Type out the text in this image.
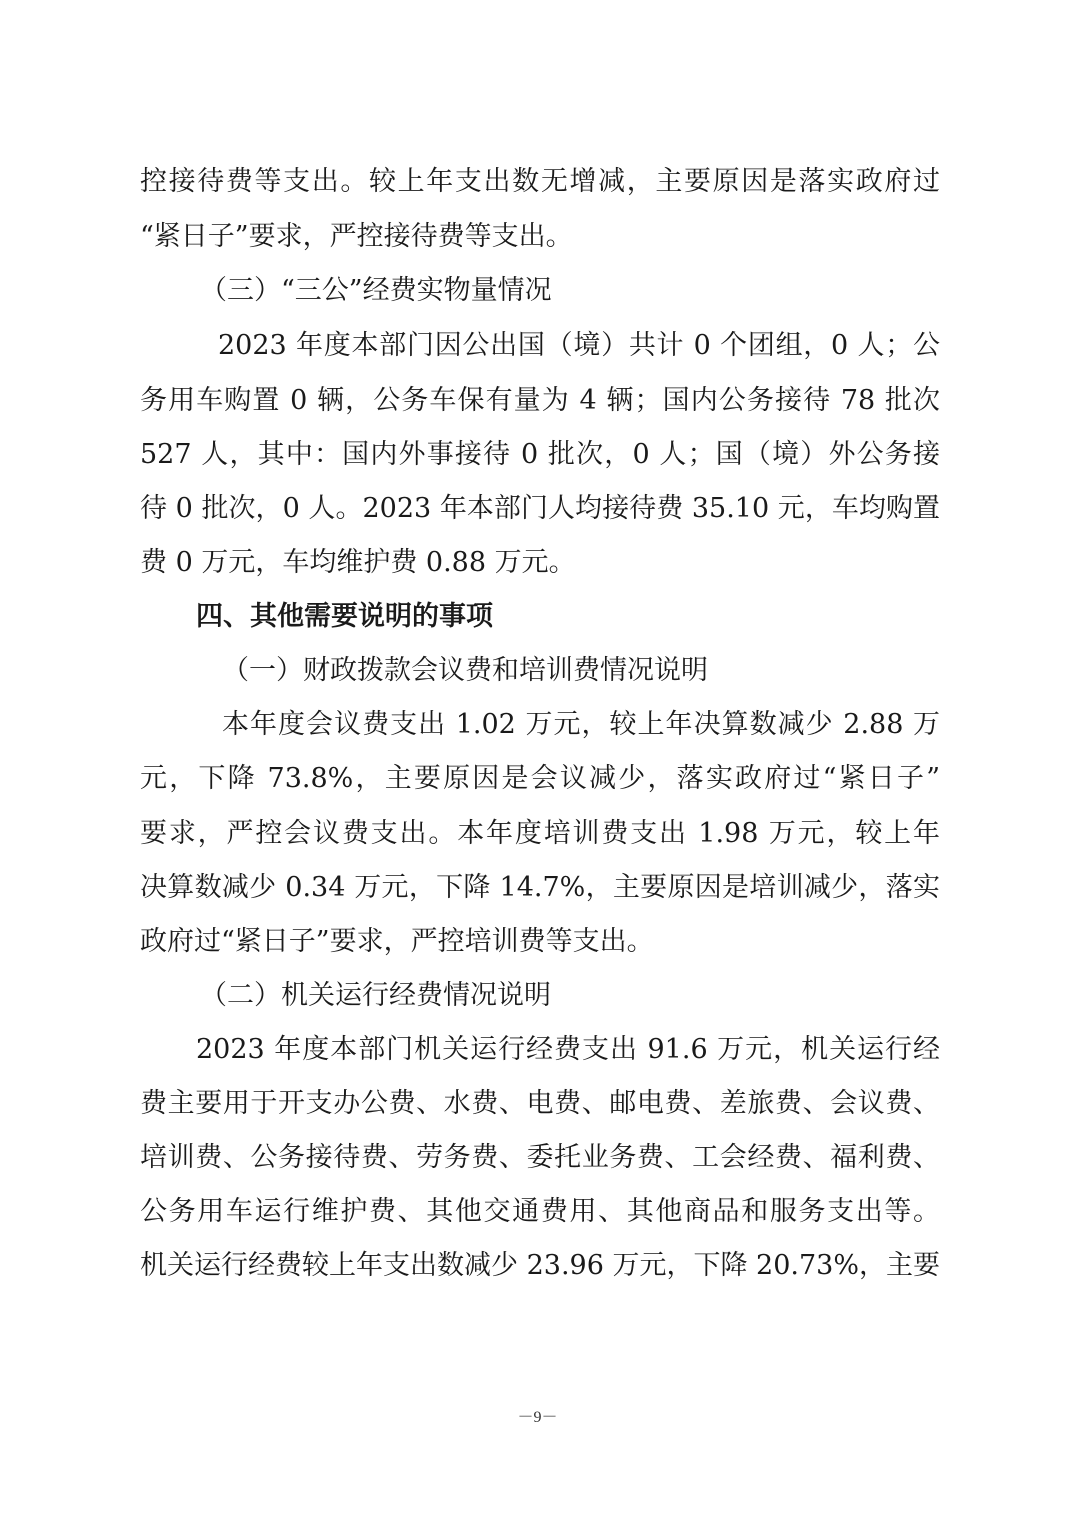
控接待费等支出。较上年支出数无增减，主要原因是落实政府过
“紧日子”要求，严控接待费等支出。
（三）“三公”经费实物量情况
2023 年度本部门因公出国（境）共计 0 个团组，0 人；公
务用车购置 0 辆，公务车保有量为 4 辆；国内公务接待 78 批次
527 人，其中：国内外事接待 0 批次，0 人；国（境）外公务接
待 0 批次，0 人。2023 年本部门人均接待费 35.10 元，车均购置
费 0 万元，车均维护费 0.88 万元。
四、其他需要说明的事项
（一）财政拨款会议费和培训费情况说明
本年度会议费支出 1.02 万元，较上年决算数减少 2.88 万
元，下降 73.8%，主要原因是会议减少，落实政府过“紧日子”
要求，严控会议费支出。本年度培训费支出 1.98 万元，较上年
决算数减少 0.34 万元，下降 14.7%，主要原因是培训减少，落实
政府过“紧日子”要求，严控培训费等支出。
（二）机关运行经费情况说明
2023 年度本部门机关运行经费支出 91.6 万元，机关运行经
费主要用于开支办公费、水费、电费、邮电费、差旅费、会议费、
培训费、公务接待费、劳务费、委托业务费、工会经费、福利费、
公务用车运行维护费、其他交通费用、其他商品和服务支出等。
机关运行经费较上年支出数减少 23.96 万元，下降 20.73%，主要
－9－
